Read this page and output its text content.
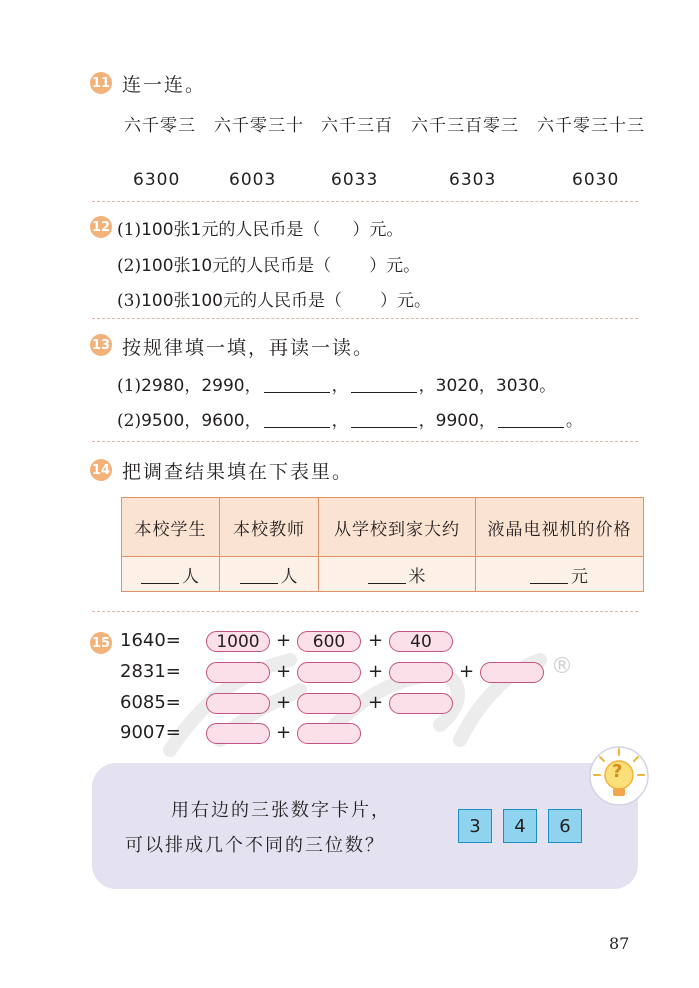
11 连一连。
六千零三 六千零三十 六千三百 六千三百零三 六千零三十三
6300	6003	6033	6303	6030
12 (1)100张1元的人民币是（ ）元。
(2)100张10元的人民币是（ ）元。
(3)100张100元的人民币是（ ）元。
13 按规律填一填，再读一读。
(1)2980，2990，	，	，3020，3030。
(2)9500，9600，	，	，9900，	。
14 把调查结果填在下表里。
本校学生	本校教师	从学校到家大约	液晶电视机的价格
人	人	米	元
15
®
1640=	1000 +	600	+	40
2831=	+	+	+
6085=	+	+
9007=	+
?
用右边的三张数字卡片，
可以排成几个不同的三位数？
3	4	6
87
